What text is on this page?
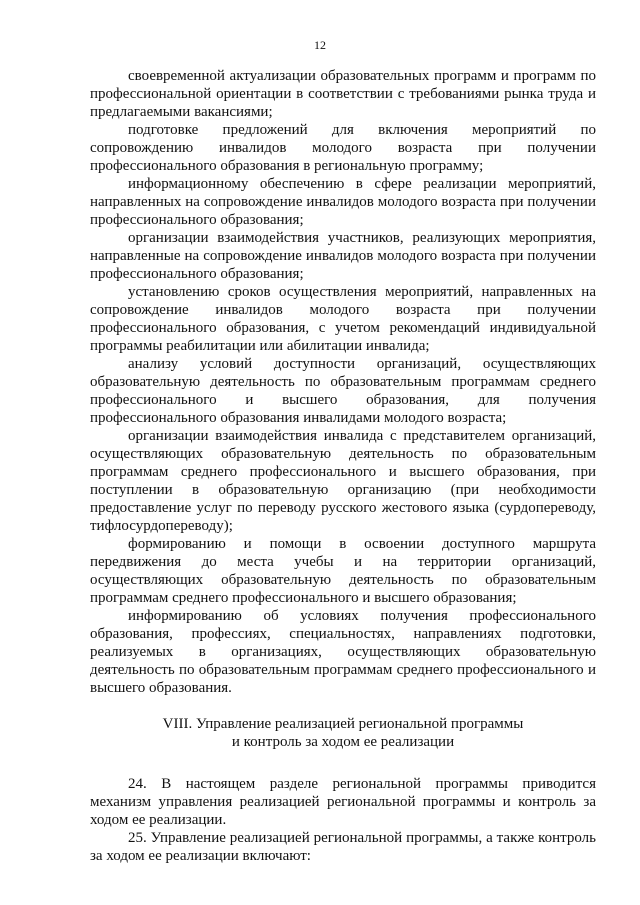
12

своевременной актуализации образовательных программ и программ по профессиональной ориентации в соответствии с требованиями рынка труда и предлагаемыми вакансиями;

подготовке предложений для включения мероприятий по сопровождению инвалидов молодого возраста при получении профессионального образования в региональную программу;

информационному обеспечению в сфере реализации мероприятий, направленных на сопровождение инвалидов молодого возраста при получении профессионального образования;

организации взаимодействия участников, реализующих мероприятия, направленные на сопровождение инвалидов молодого возраста при получении профессионального образования;

установлению сроков осуществления мероприятий, направленных на сопровождение инвалидов молодого возраста при получении профессионального образования, с учетом рекомендаций индивидуальной программы реабилитации или абилитации инвалида;

анализу условий доступности организаций, осуществляющих образовательную деятельность по образовательным программам среднего профессионального и высшего образования, для получения профессионального образования инвалидами молодого возраста;

организации взаимодействия инвалида с представителем организаций, осуществляющих образовательную деятельность по образовательным программам среднего профессионального и высшего образования, при поступлении в образовательную организацию (при необходимости предоставление услуг по переводу русского жестового языка (сурдопереводу, тифлосурдопереводу);

формированию и помощи в освоении доступного маршрута передвижения до места учебы и на территории организаций, осуществляющих образовательную деятельность по образовательным программам среднего профессионального и высшего образования;

информированию об условиях получения профессионального образования, профессиях, специальностях, направлениях подготовки, реализуемых в организациях, осуществляющих образовательную деятельность по образовательным программам среднего профессионального и высшего образования.

VIII. Управление реализацией региональной программы
и контроль за ходом ее реализации

24. В настоящем разделе региональной программы приводится механизм управления реализацией региональной программы и контроль за ходом ее реализации.

25. Управление реализацией региональной программы, а также контроль за ходом ее реализации включают:
